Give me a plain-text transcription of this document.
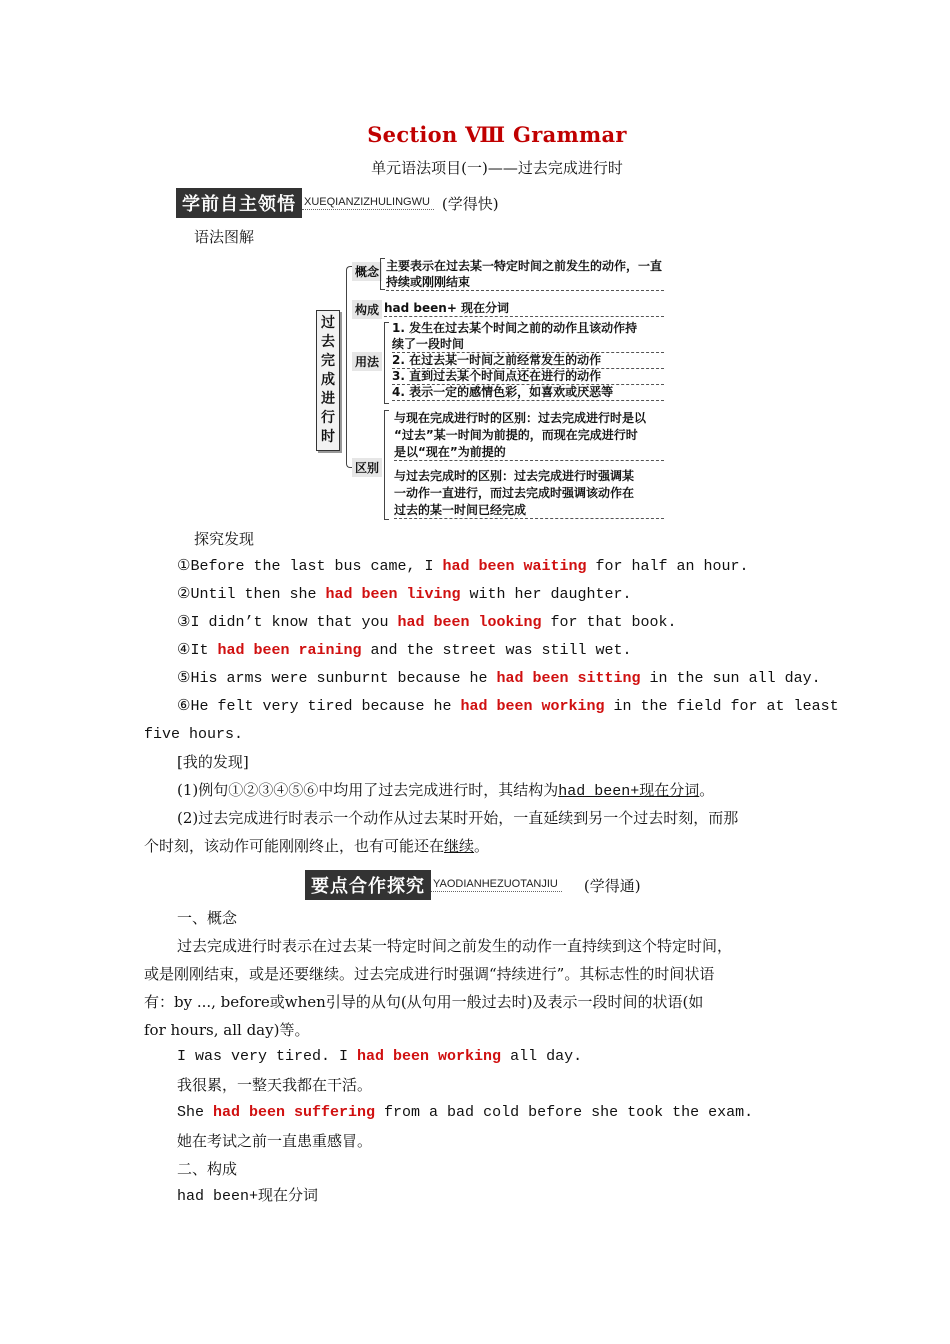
Section Ⅷ Grammar
单元语法项目(一)——过去完成进行时
学前自主领悟 XUEQIANZIZHULINGWU (学得快)
语法图解
过去完成进行时
概念 主要表示在过去某一特定时间之前发生的动作，一直
持续或刚刚结束
构成 had been+ 现在分词
用法
1. 发生在过去某个时间之前的动作且该动作持
续了一段时间
2. 在过去某一时间之前经常发生的动作
3. 直到过去某个时间点还在进行的动作
4. 表示一定的感情色彩，如喜欢或厌恶等
区别
与现在完成进行时的区别：过去完成进行时是以
“过去”某一时间为前提的，而现在完成进行时
是以“现在”为前提的
与过去完成时的区别：过去完成进行时强调某
一动作一直进行，而过去完成时强调该动作在
过去的某一时间已经完成
探究发现
①Before the last bus came, I had been waiting for half an hour.
②Until then she had been living with her daughter.
③I didn’t know that you had been looking for that book.
④It had been raining and the street was still wet.
⑤His arms were sunburnt because he had been sitting in the sun all day.
⑥He felt very tired because he had been working in the field for at least
five hours.
[我的发现]
(1)例句①②③④⑤⑥中均用了过去完成进行时，其结构为had been+现在分词。
(2)过去完成进行时表示一个动作从过去某时开始，一直延续到另一个过去时刻，而那
个时刻，该动作可能刚刚终止，也有可能还在继续。
要点合作探究 YAODIANHEZUOTANJIU (学得通)
一、概念
过去完成进行时表示在过去某一特定时间之前发生的动作一直持续到这个特定时间，
或是刚刚结束，或是还要继续。过去完成进行时强调“持续进行”。其标志性的时间状语
有：by ..., before或when引导的从句(从句用一般过去时)及表示一段时间的状语(如
for hours, all day)等。
I was very tired. I had been working all day.
我很累，一整天我都在干活。
She had been suffering from a bad cold before she took the exam.
她在考试之前一直患重感冒。
二、构成
had been+现在分词
